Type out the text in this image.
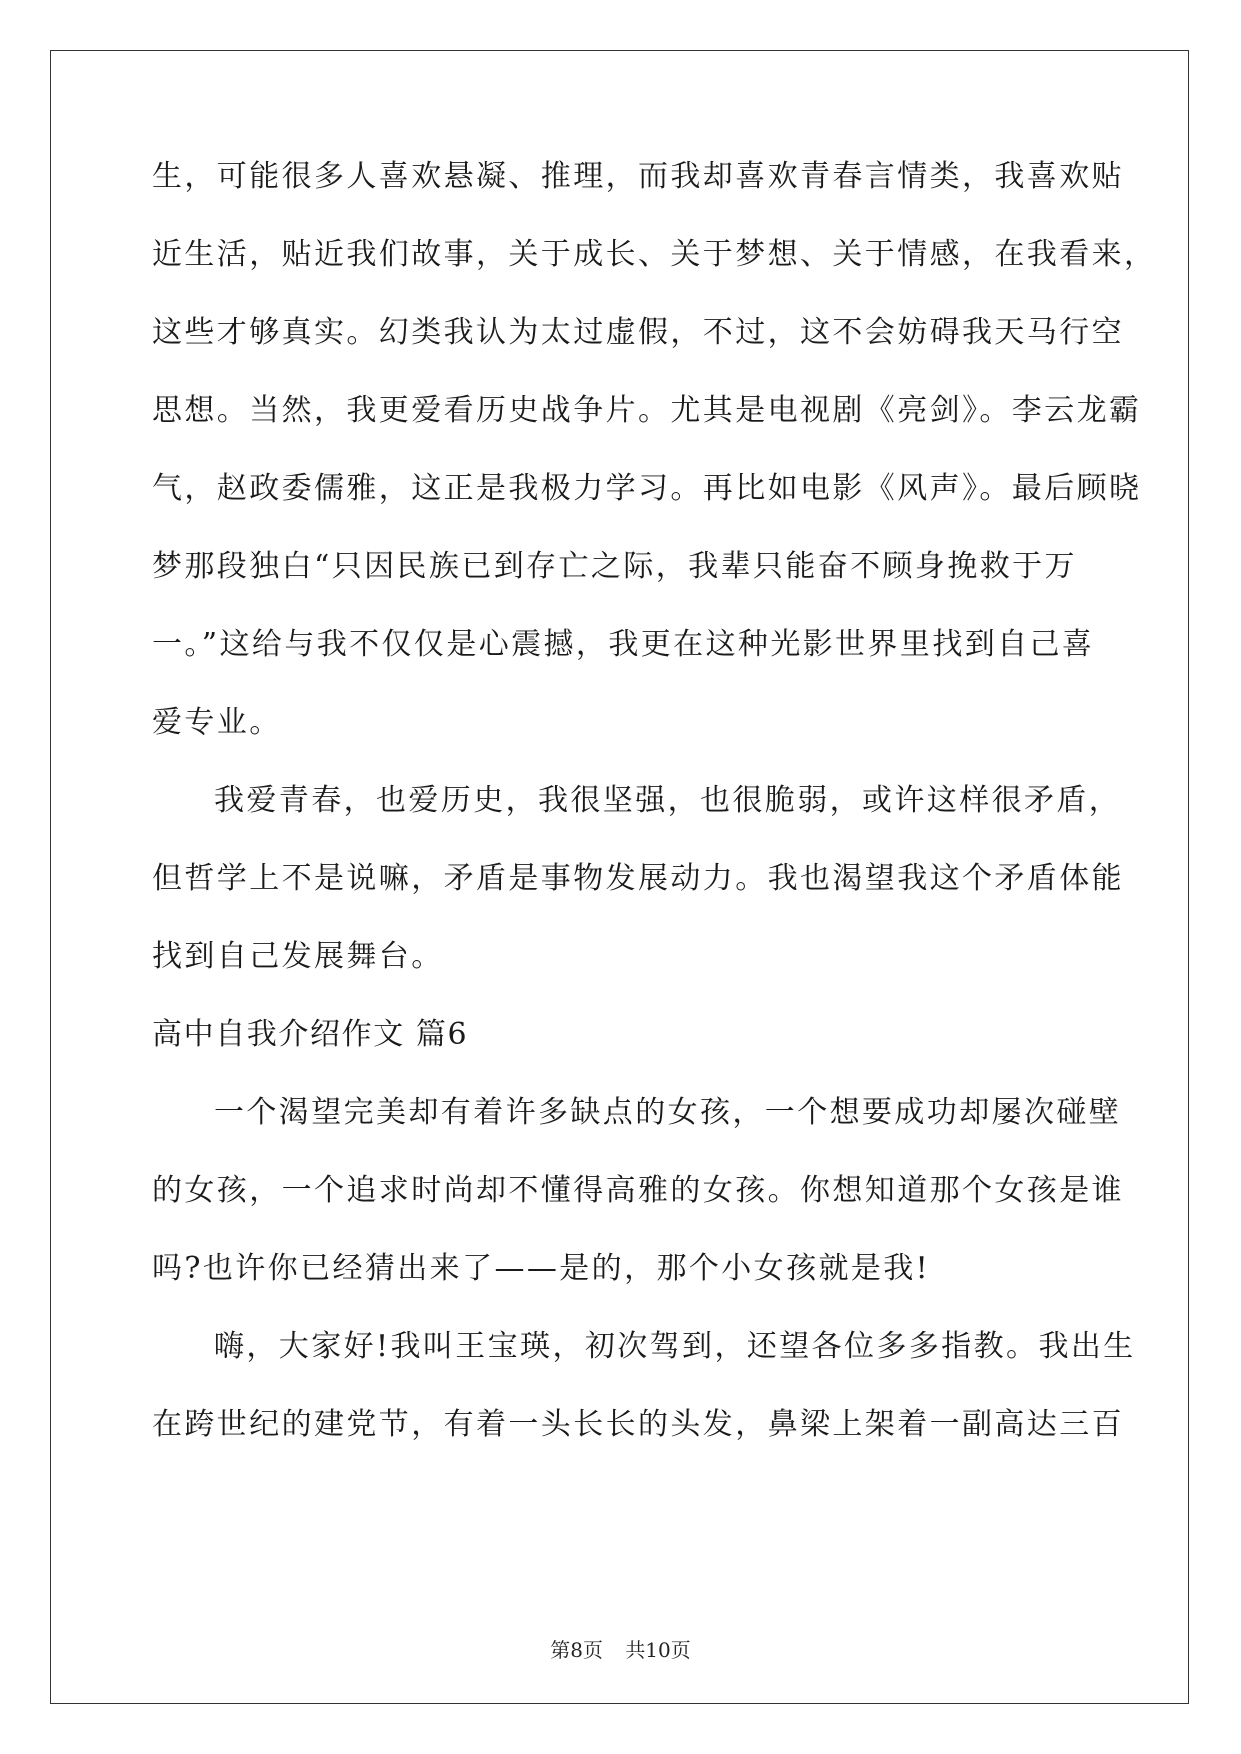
生，可能很多人喜欢悬凝、推理，而我却喜欢青春言情类，我喜欢贴
近生活，贴近我们故事，关于成长、关于梦想、关于情感，在我看来，
这些才够真实。幻类我认为太过虚假，不过，这不会妨碍我天马行空
思想。当然，我更爱看历史战争片。尤其是电视剧《亮剑》。李云龙霸
气，赵政委儒雅，这正是我极力学习。再比如电影《风声》。最后顾晓
梦那段独白“只因民族已到存亡之际，我辈只能奋不顾身挽救于万
一。”这给与我不仅仅是心震撼，我更在这种光影世界里找到自己喜
爱专业。
我爱青春，也爱历史，我很坚强，也很脆弱，或许这样很矛盾，
但哲学上不是说嘛，矛盾是事物发展动力。我也渴望我这个矛盾体能
找到自己发展舞台。
高中自我介绍作文 篇6
一个渴望完美却有着许多缺点的女孩，一个想要成功却屡次碰壁
的女孩，一个追求时尚却不懂得高雅的女孩。你想知道那个女孩是谁
吗?也许你已经猜出来了——是的，那个小女孩就是我!
嗨，大家好!我叫王宝瑛，初次驾到，还望各位多多指教。我出生
在跨世纪的建党节，有着一头长长的头发，鼻梁上架着一副高达三百
第8页 共10页
